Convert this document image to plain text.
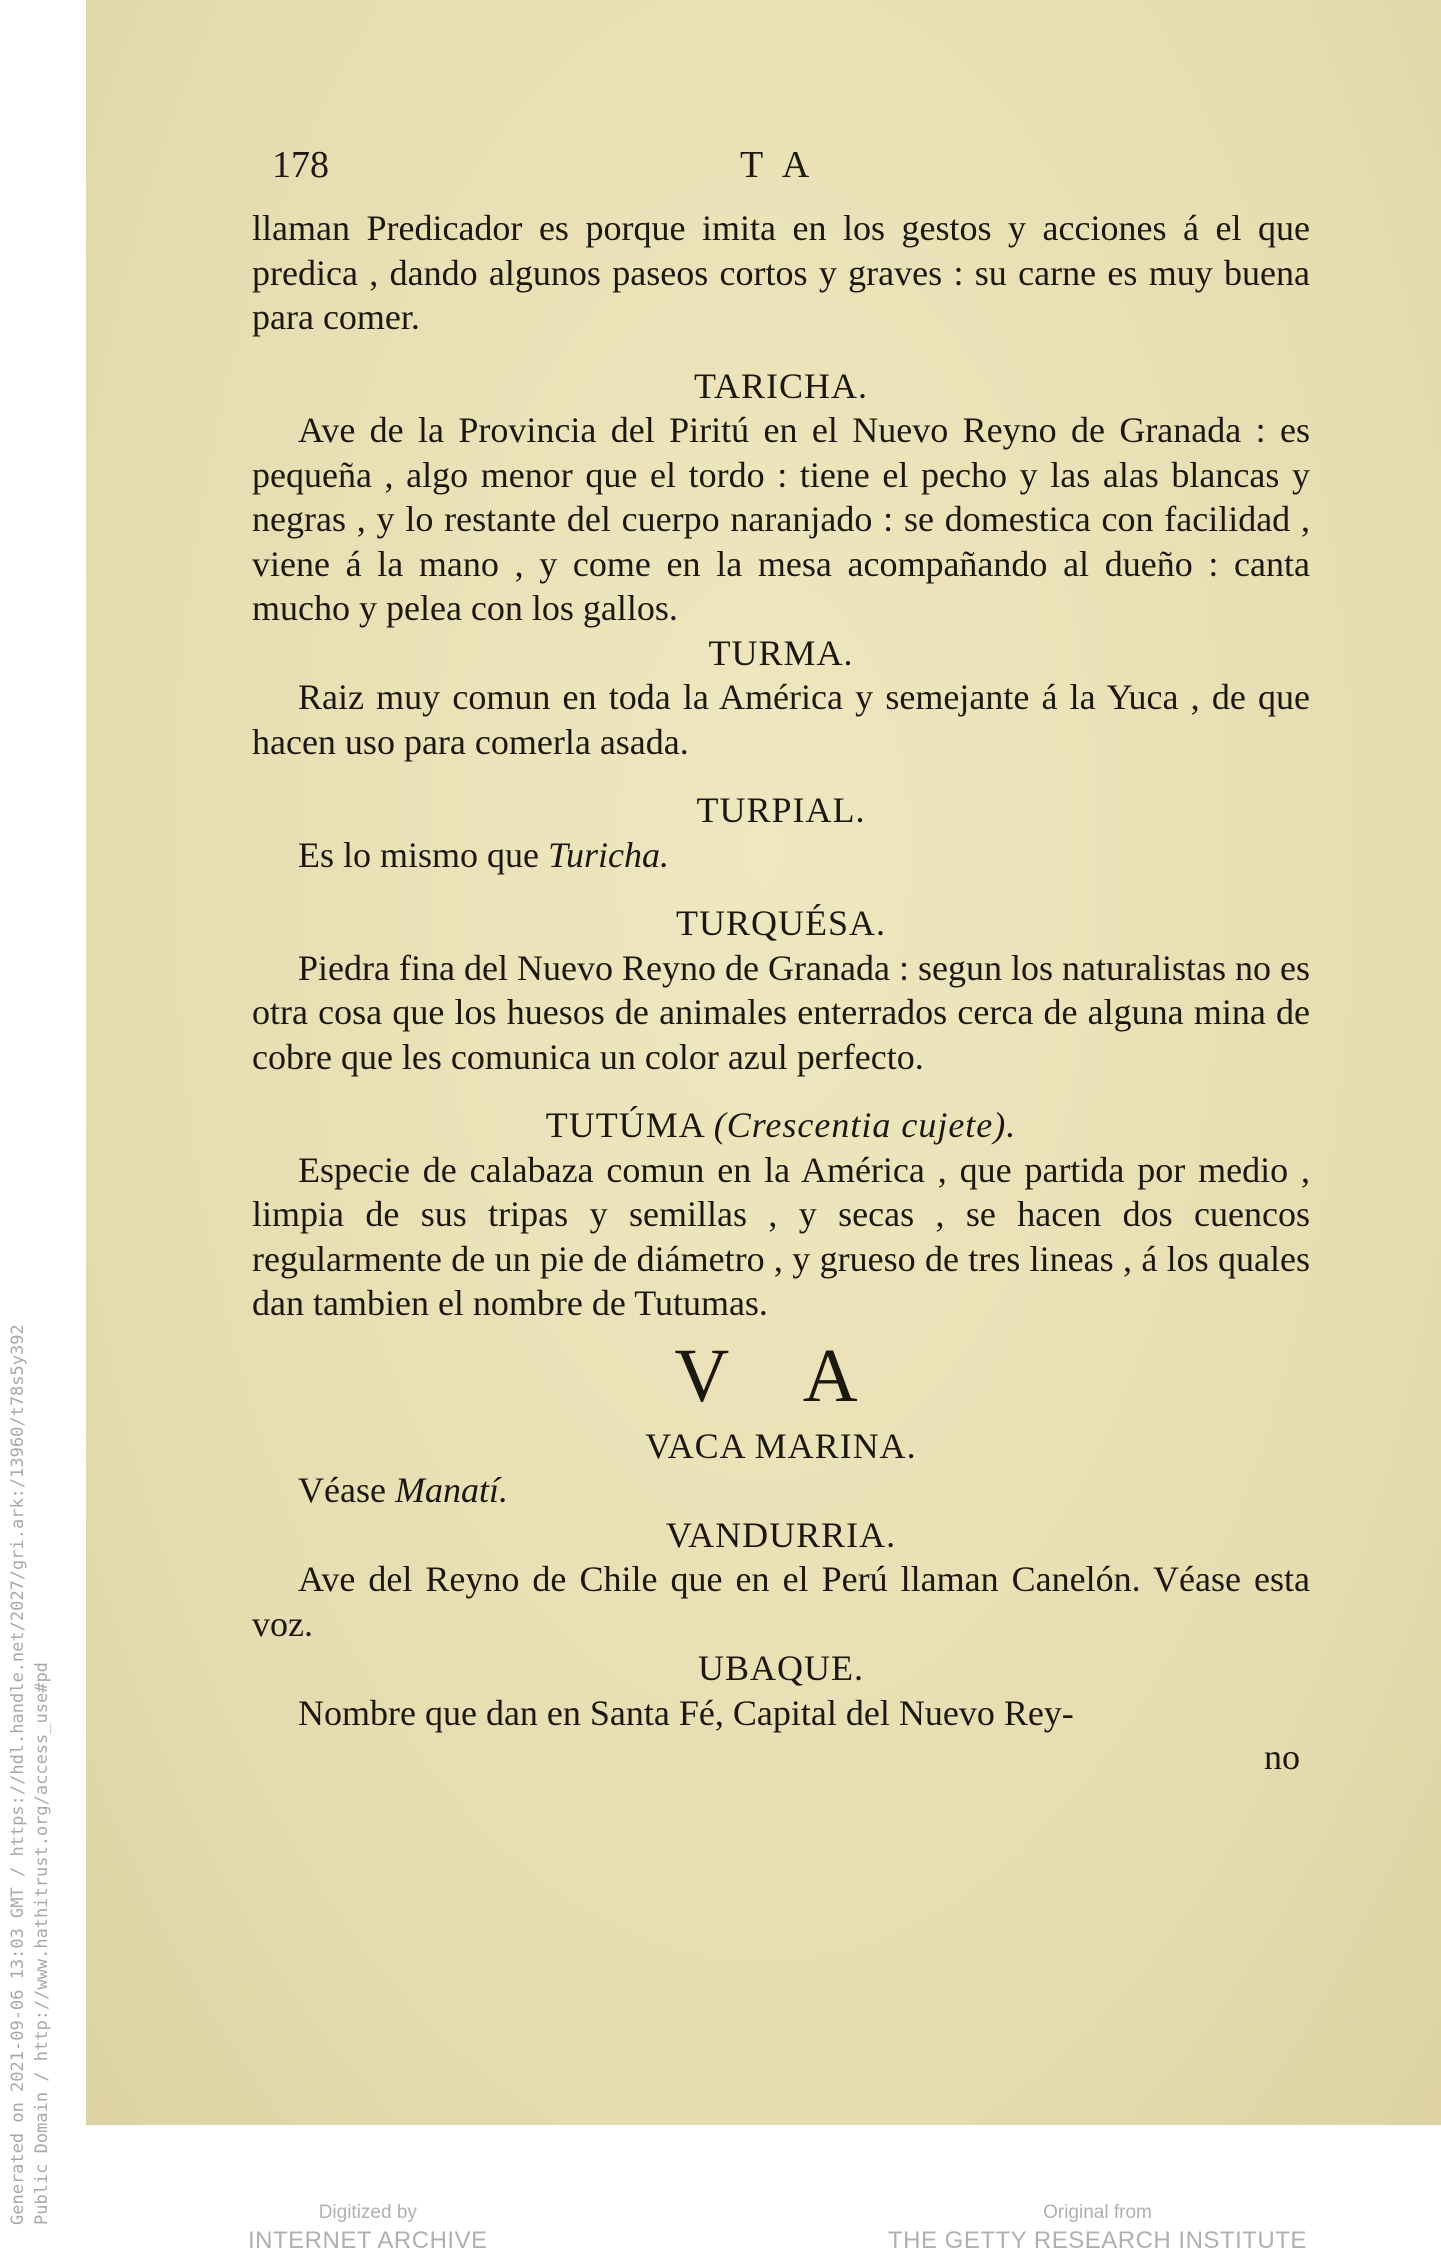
Generated on 2021-09-06 13:03 GMT / https://hdl.handle.net/2027/gri.ark:/13960/t78s5y392 Public Domain / http://www.hathitrust.org/access_use#pd
178	T A

llaman Predicador es porque imita en los gestos y acciones á el que predica , dando algunos paseos cortos y graves : su carne es muy buena para comer.

TARICHA.

Ave de la Provincia del Piritú en el Nuevo Reyno de Granada : es pequeña , algo menor que el tordo : tiene el pecho y las alas blancas y negras , y lo restante del cuerpo naranjado : se domestica con facilidad , viene á la mano , y come en la mesa acompañando al dueño : canta mucho y pelea con los gallos.

TURMA.

Raiz muy comun en toda la América y semejante á la Yuca , de que hacen uso para comerla asada.

TURPIAL.

Es lo mismo que Turicha.

TURQUÉSA.

Piedra fina del Nuevo Reyno de Granada : segun los naturalistas no es otra cosa que los huesos de animales enterrados cerca de alguna mina de cobre que les comunica un color azul perfecto.

TUTÚMA (Crescentia cujete).

Especie de calabaza comun en la América , que partida por medio , limpia de sus tripas y semillas , y secas , se hacen dos cuencos regularmente de un pie de diámetro , y grueso de tres lineas , á los quales dan tambien el nombre de Tutumas.

V A

VACA MARINA.

Véase Manatí.

VANDURRIA.

Ave del Reyno de Chile que en el Perú llaman Canelón. Véase esta voz.

UBAQUE.

Nombre que dan en Santa Fé, Capital del Nuevo Rey-

no

Digitized by
INTERNET ARCHIVE
Original from
THE GETTY RESEARCH INSTITUTE
